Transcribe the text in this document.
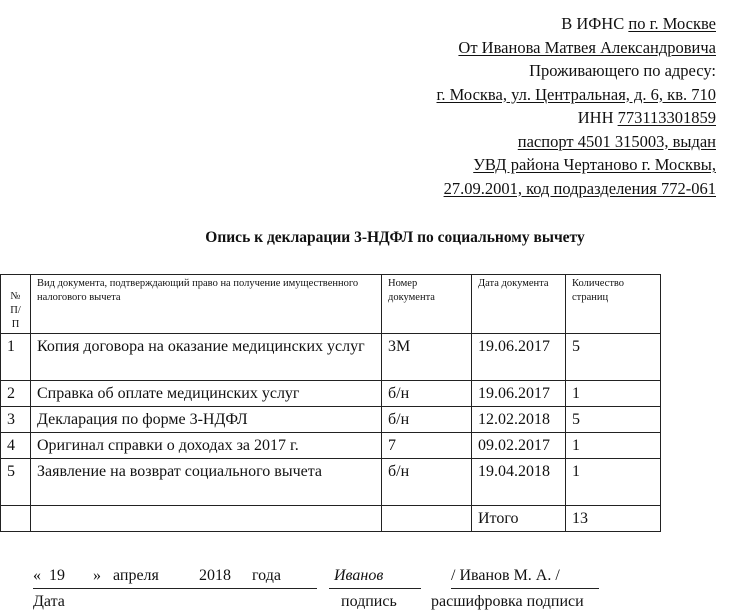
В ИФНС по г. Москве
От Иванова Матвея Александровича
Проживающего по адресу:
г. Москва, ул. Центральная, д. 6, кв. 710
ИНН 773113301859
паспорт 4501 315003, выдан
УВД района Чертаново г. Москвы,
27.09.2001, код подразделения 772-061
Опись к декларации 3-НДФЛ по социальному вычету
№ П/П	Вид документа, подтверждающий право на получение имущественного налогового вычета	Номер документа	Дата документа	Количество страниц
1	Копия договора на оказание медицинских услуг	3М	19.06.2017	5
2	Справка об оплате медицинских услуг	б/н	19.06.2017	1
3	Декларация по форме 3-НДФЛ	б/н	12.02.2018	5
4	Оригинал справки о доходах за 2017 г.	7	09.02.2017	1
5	Заявление на возврат социального вычета	б/н	19.04.2018	1
			Итого	13
« 19 » апреля	2018 года	Иванов	/ Иванов М. А. /
Дата	подпись расшифровка подписи
